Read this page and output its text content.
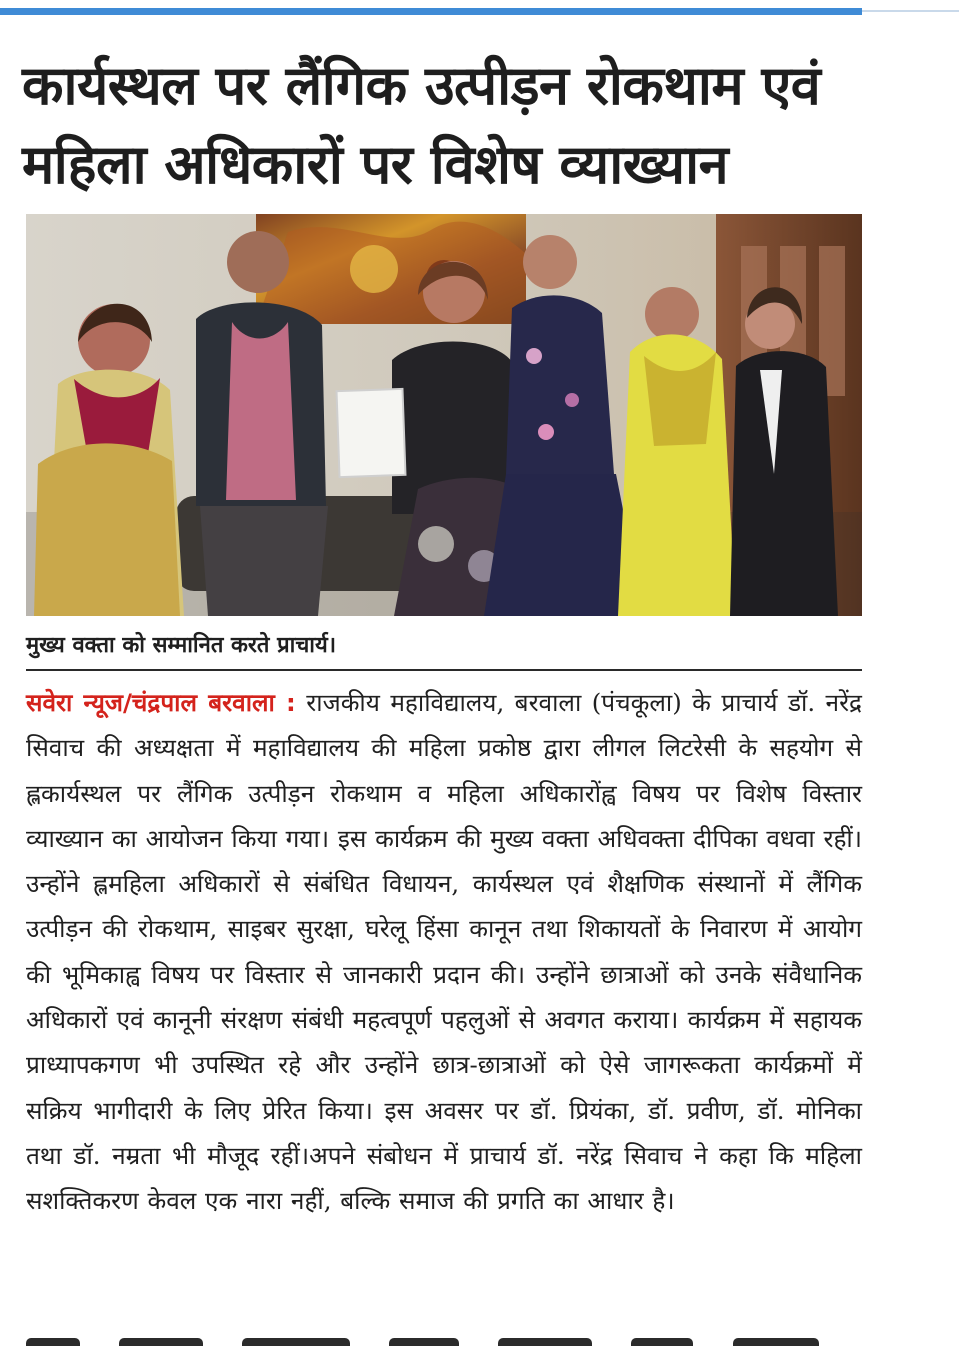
कार्यस्थल पर लैंगिक उत्पीड़न रोकथाम एवं महिला अधिकारों पर विशेष व्याख्यान

मुख्य वक्ता को सम्मानित करते प्राचार्य।

सवेरा न्यूज/चंद्रपाल बरवाला : राजकीय महाविद्यालय, बरवाला (पंचकूला) के प्राचार्य डॉ. नरेंद्र सिवाच की अध्यक्षता में महाविद्यालय की महिला प्रकोष्ठ द्वारा लीगल लिटरेसी के सहयोग से ह्लकार्यस्थल पर लैंगिक उत्पीड़न रोकथाम व महिला अधिकारोंह्व विषय पर विशेष विस्तार व्याख्यान का आयोजन किया गया। इस कार्यक्रम की मुख्य वक्ता अधिवक्ता दीपिका वधवा रहीं। उन्होंने ह्लमहिला अधिकारों से संबंधित विधायन, कार्यस्थल एवं शैक्षणिक संस्थानों में लैंगिक उत्पीड़न की रोकथाम, साइबर सुरक्षा, घरेलू हिंसा कानून तथा शिकायतों के निवारण में आयोग की भूमिकाह्व विषय पर विस्तार से जानकारी प्रदान की। उन्होंने छात्राओं को उनके संवैधानिक अधिकारों एवं कानूनी संरक्षण संबंधी महत्वपूर्ण पहलुओं से अवगत कराया। कार्यक्रम में सहायक प्राध्यापकगण भी उपस्थित रहे और उन्होंने छात्र-छात्राओं को ऐसे जागरूकता कार्यक्रमों में सक्रिय भागीदारी के लिए प्रेरित किया। इस अवसर पर डॉ. प्रियंका, डॉ. प्रवीण, डॉ. मोनिका तथा डॉ. नम्रता भी मौजूद रहीं।अपने संबोधन में प्राचार्य डॉ. नरेंद्र सिवाच ने कहा कि महिला सशक्तिकरण केवल एक नारा नहीं, बल्कि समाज की प्रगति का आधार है।
